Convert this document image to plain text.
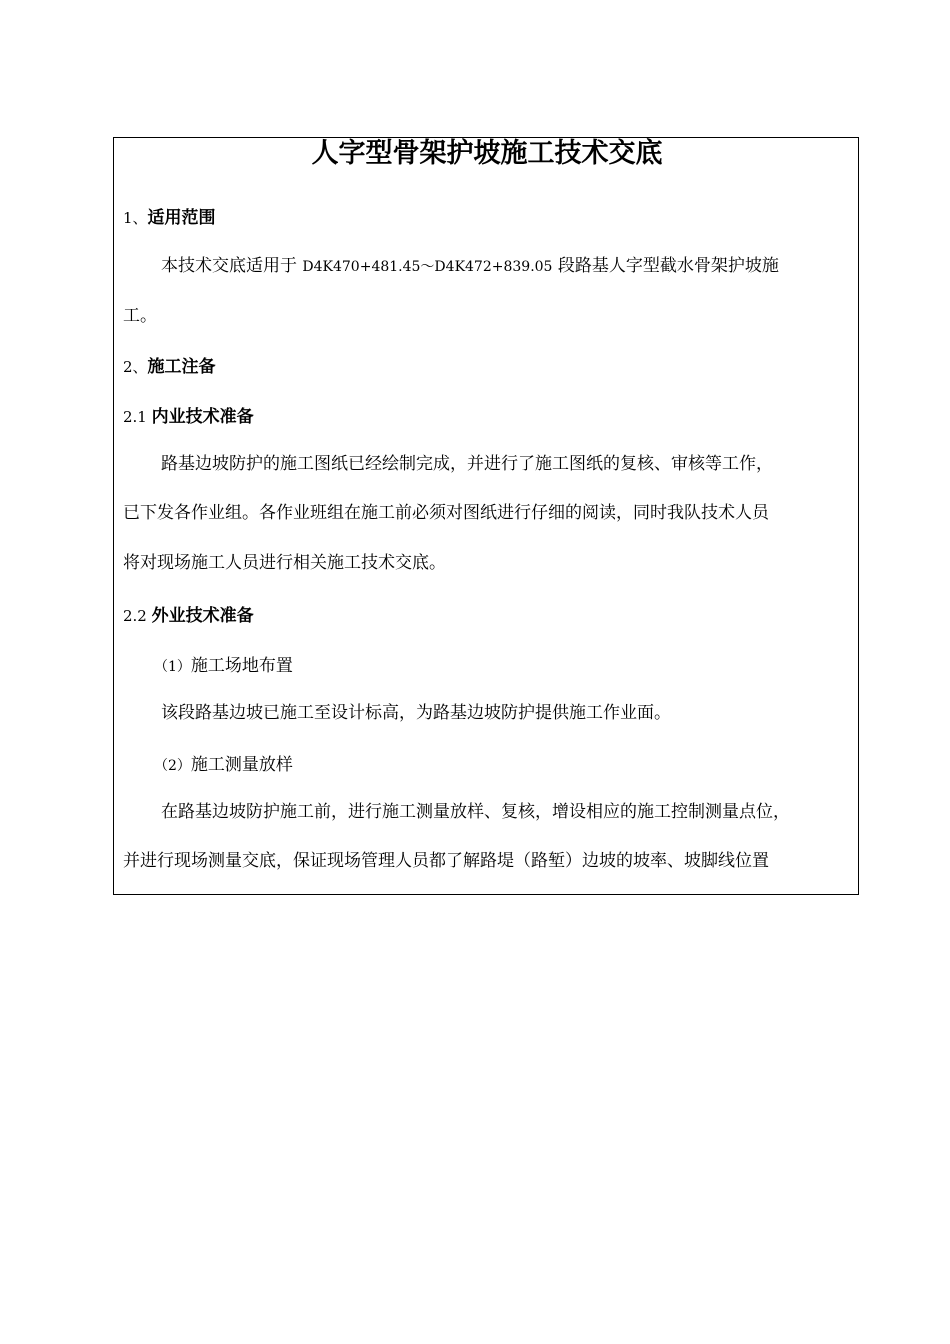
人字型骨架护坡施工技术交底
1、适用范围
本技术交底适用于 D4K470+481.45～D4K472+839.05 段路基人字型截水骨架护坡施
工。
2、施工注备
2.1 内业技术准备
路基边坡防护的施工图纸已经绘制完成，并进行了施工图纸的复核、审核等工作，
已下发各作业组。各作业班组在施工前必须对图纸进行仔细的阅读，同时我队技术人员
将对现场施工人员进行相关施工技术交底。
2.2 外业技术准备
（1）施工场地布置
该段路基边坡已施工至设计标高，为路基边坡防护提供施工作业面。
（2）施工测量放样
在路基边坡防护施工前，进行施工测量放样、复核，增设相应的施工控制测量点位，
并进行现场测量交底，保证现场管理人员都了解路堤（路堑）边坡的坡率、坡脚线位置
